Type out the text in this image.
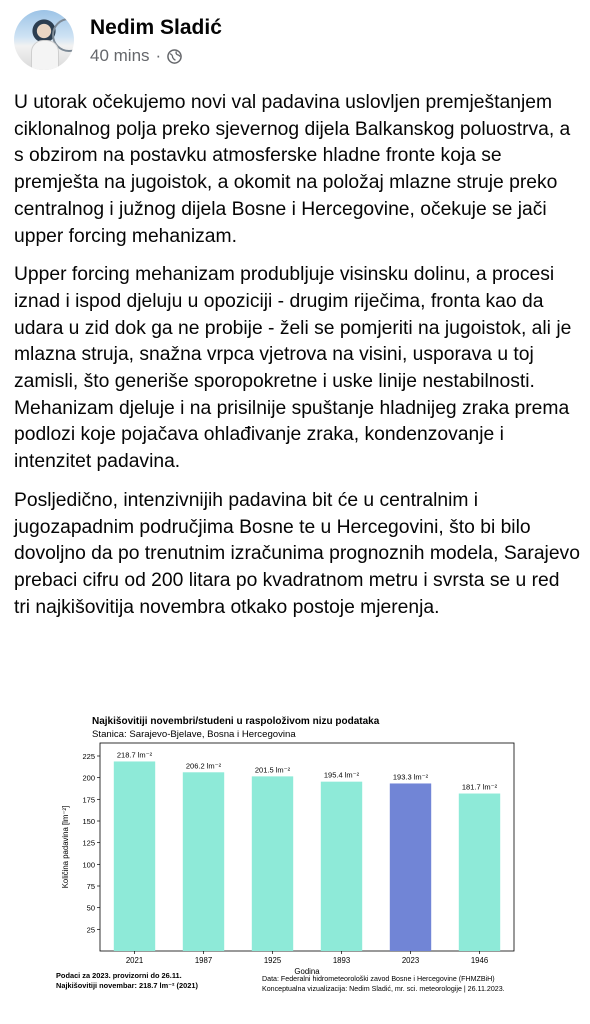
Nedim Sladić
40 mins ·

U utorak očekujemo novi val padavina uslovljen premještanjem ciklonalnog polja preko sjevernog dijela Balkanskog poluostrva, a s obzirom na postavku atmosferske hladne fronte koja se premješta na jugoistok, a okomit na položaj mlazne struje preko centralnog i južnog dijela Bosne i Hercegovine, očekuje se jači upper forcing mehanizam.

Upper forcing mehanizam produbljuje visinsku dolinu, a procesi iznad i ispod djeluju u opoziciji - drugim riječima, fronta kao da udara u zid dok ga ne probije - želi se pomjeriti na jugoistok, ali je mlazna struja, snažna vrpca vjetrova na visini, usporava u toj zamisli, što generiše sporopokretne i uske linije nestabilnosti. Mehanizam djeluje i na prisilnije spuštanje hladnijeg zraka prema podlozi koje pojačava ohlađivanje zraka, kondenzovanje i intenzitet padavina.

Posljedično, intenzivnijih padavina bit će u centralnim i jugozapadnim područjima Bosne te u Hercegovini, što bi bilo dovoljno da po trenutnim izračunima prognoznih modela, Sarajevo prebaci cifru od 200 litara po kvadratnom metru i svrsta se u red tri najkišovitija novembra otkako postoje mjerenja.

Najkišovitiji novembri/studeni u raspoloživom nizu podataka
Stanica: Sarajevo-Bjelave, Bosna i Hercegovina
25
50
75
100
125
150
175
200
225	218.7 lm⁻²
2021
206.2 lm⁻²
1987
201.5 lm⁻²
1925
195.4 lm⁻²
1893
193.3 lm⁻²
2023
181.7 lm⁻²
1946
Godina
Količina padavina [lm⁻²]
Podaci za 2023. provizorni do 26.11.
Najkišovitiji novembar: 218.7 lm⁻² (2021)
Data: Federalni hidrometeorološki zavod Bosne i Hercegovine (FHMZBiH)
Konceptualna vizualizacija: Nedim Sladić, mr. sci. meteorologije | 26.11.2023.
